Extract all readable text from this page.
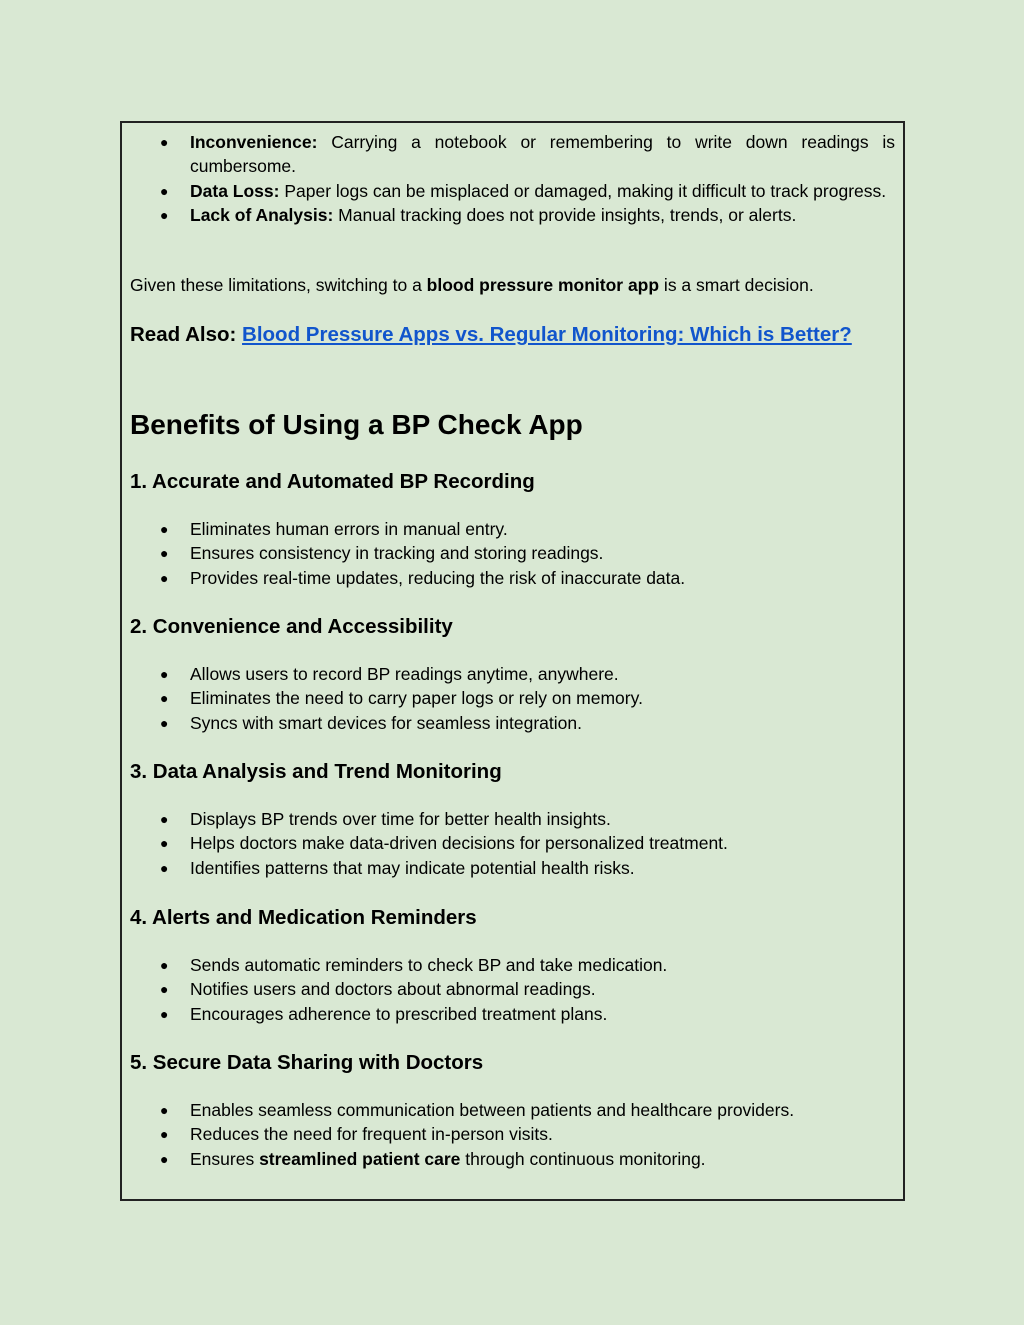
● Inconvenience: Carrying a notebook or remembering to write down readings is cumbersome.
● Data Loss: Paper logs can be misplaced or damaged, making it difficult to track progress.
● Lack of Analysis: Manual tracking does not provide insights, trends, or alerts.

Given these limitations, switching to a blood pressure monitor app is a smart decision.

Read Also: Blood Pressure Apps vs. Regular Monitoring: Which is Better?

Benefits of Using a BP Check App
1. Accurate and Automated BP Recording
● Eliminates human errors in manual entry.
● Ensures consistency in tracking and storing readings.
● Provides real-time updates, reducing the risk of inaccurate data.
2. Convenience and Accessibility
● Allows users to record BP readings anytime, anywhere.
● Eliminates the need to carry paper logs or rely on memory.
● Syncs with smart devices for seamless integration.
3. Data Analysis and Trend Monitoring
● Displays BP trends over time for better health insights.
● Helps doctors make data-driven decisions for personalized treatment.
● Identifies patterns that may indicate potential health risks.
4. Alerts and Medication Reminders
● Sends automatic reminders to check BP and take medication.
● Notifies users and doctors about abnormal readings.
● Encourages adherence to prescribed treatment plans.
5. Secure Data Sharing with Doctors
● Enables seamless communication between patients and healthcare providers.
● Reduces the need for frequent in-person visits.
● Ensures streamlined patient care through continuous monitoring.
